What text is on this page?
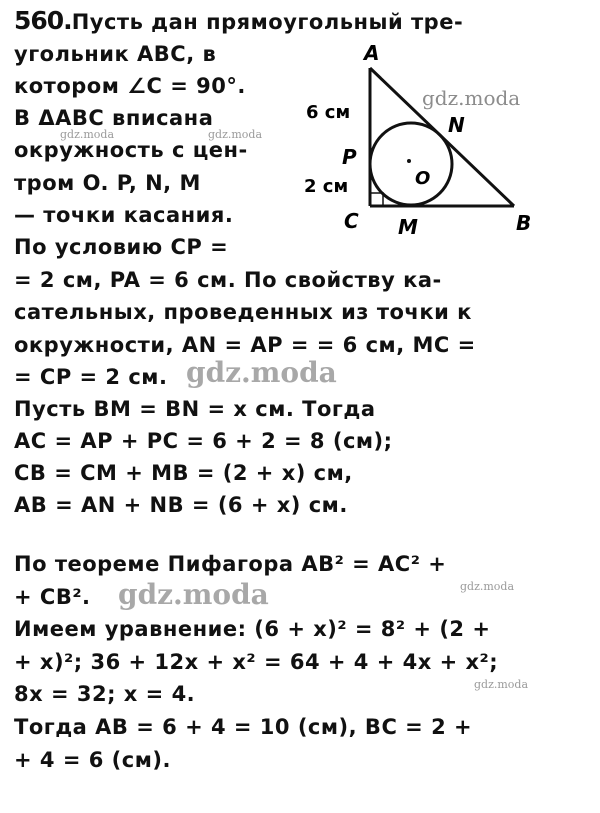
560.Пусть дан прямоугольный тре-
угольник ABC, в
котором ∠C = 90°.
В ΔABC вписана
окружность с цен-
тром O. P, N, M
— точки касания.
По условию CP =
= 2 см, PA = 6 см. По свойству ка-
сательных, проведенных из точки к
окружности, AN = AP = = 6 см, MC =
= CP = 2 см.
Пусть BM = BN = x см. Тогда
AC = AP + PC = 6 + 2 = 8 (см);
CB = CM + MB = (2 + x) см,
AB = AN + NB = (6 + x) см.
По теореме Пифагора AB² = AC² +
+ CB².
Имеем уравнение: (6 + x)² = 8² + (2 +
+ x)²; 36 + 12x + x² = 64 + 4 + 4x + x²;
8x = 32; x = 4.
Тогда AB = 6 + 4 = 10 (см), BC = 2 +
+ 4 = 6 (см).
A
B
C
N
P
M
O
6 см
2 см
gdz.moda
gdz.moda	gdz.moda
gdz.moda
gdz.moda
gdz.moda
gdz.moda
